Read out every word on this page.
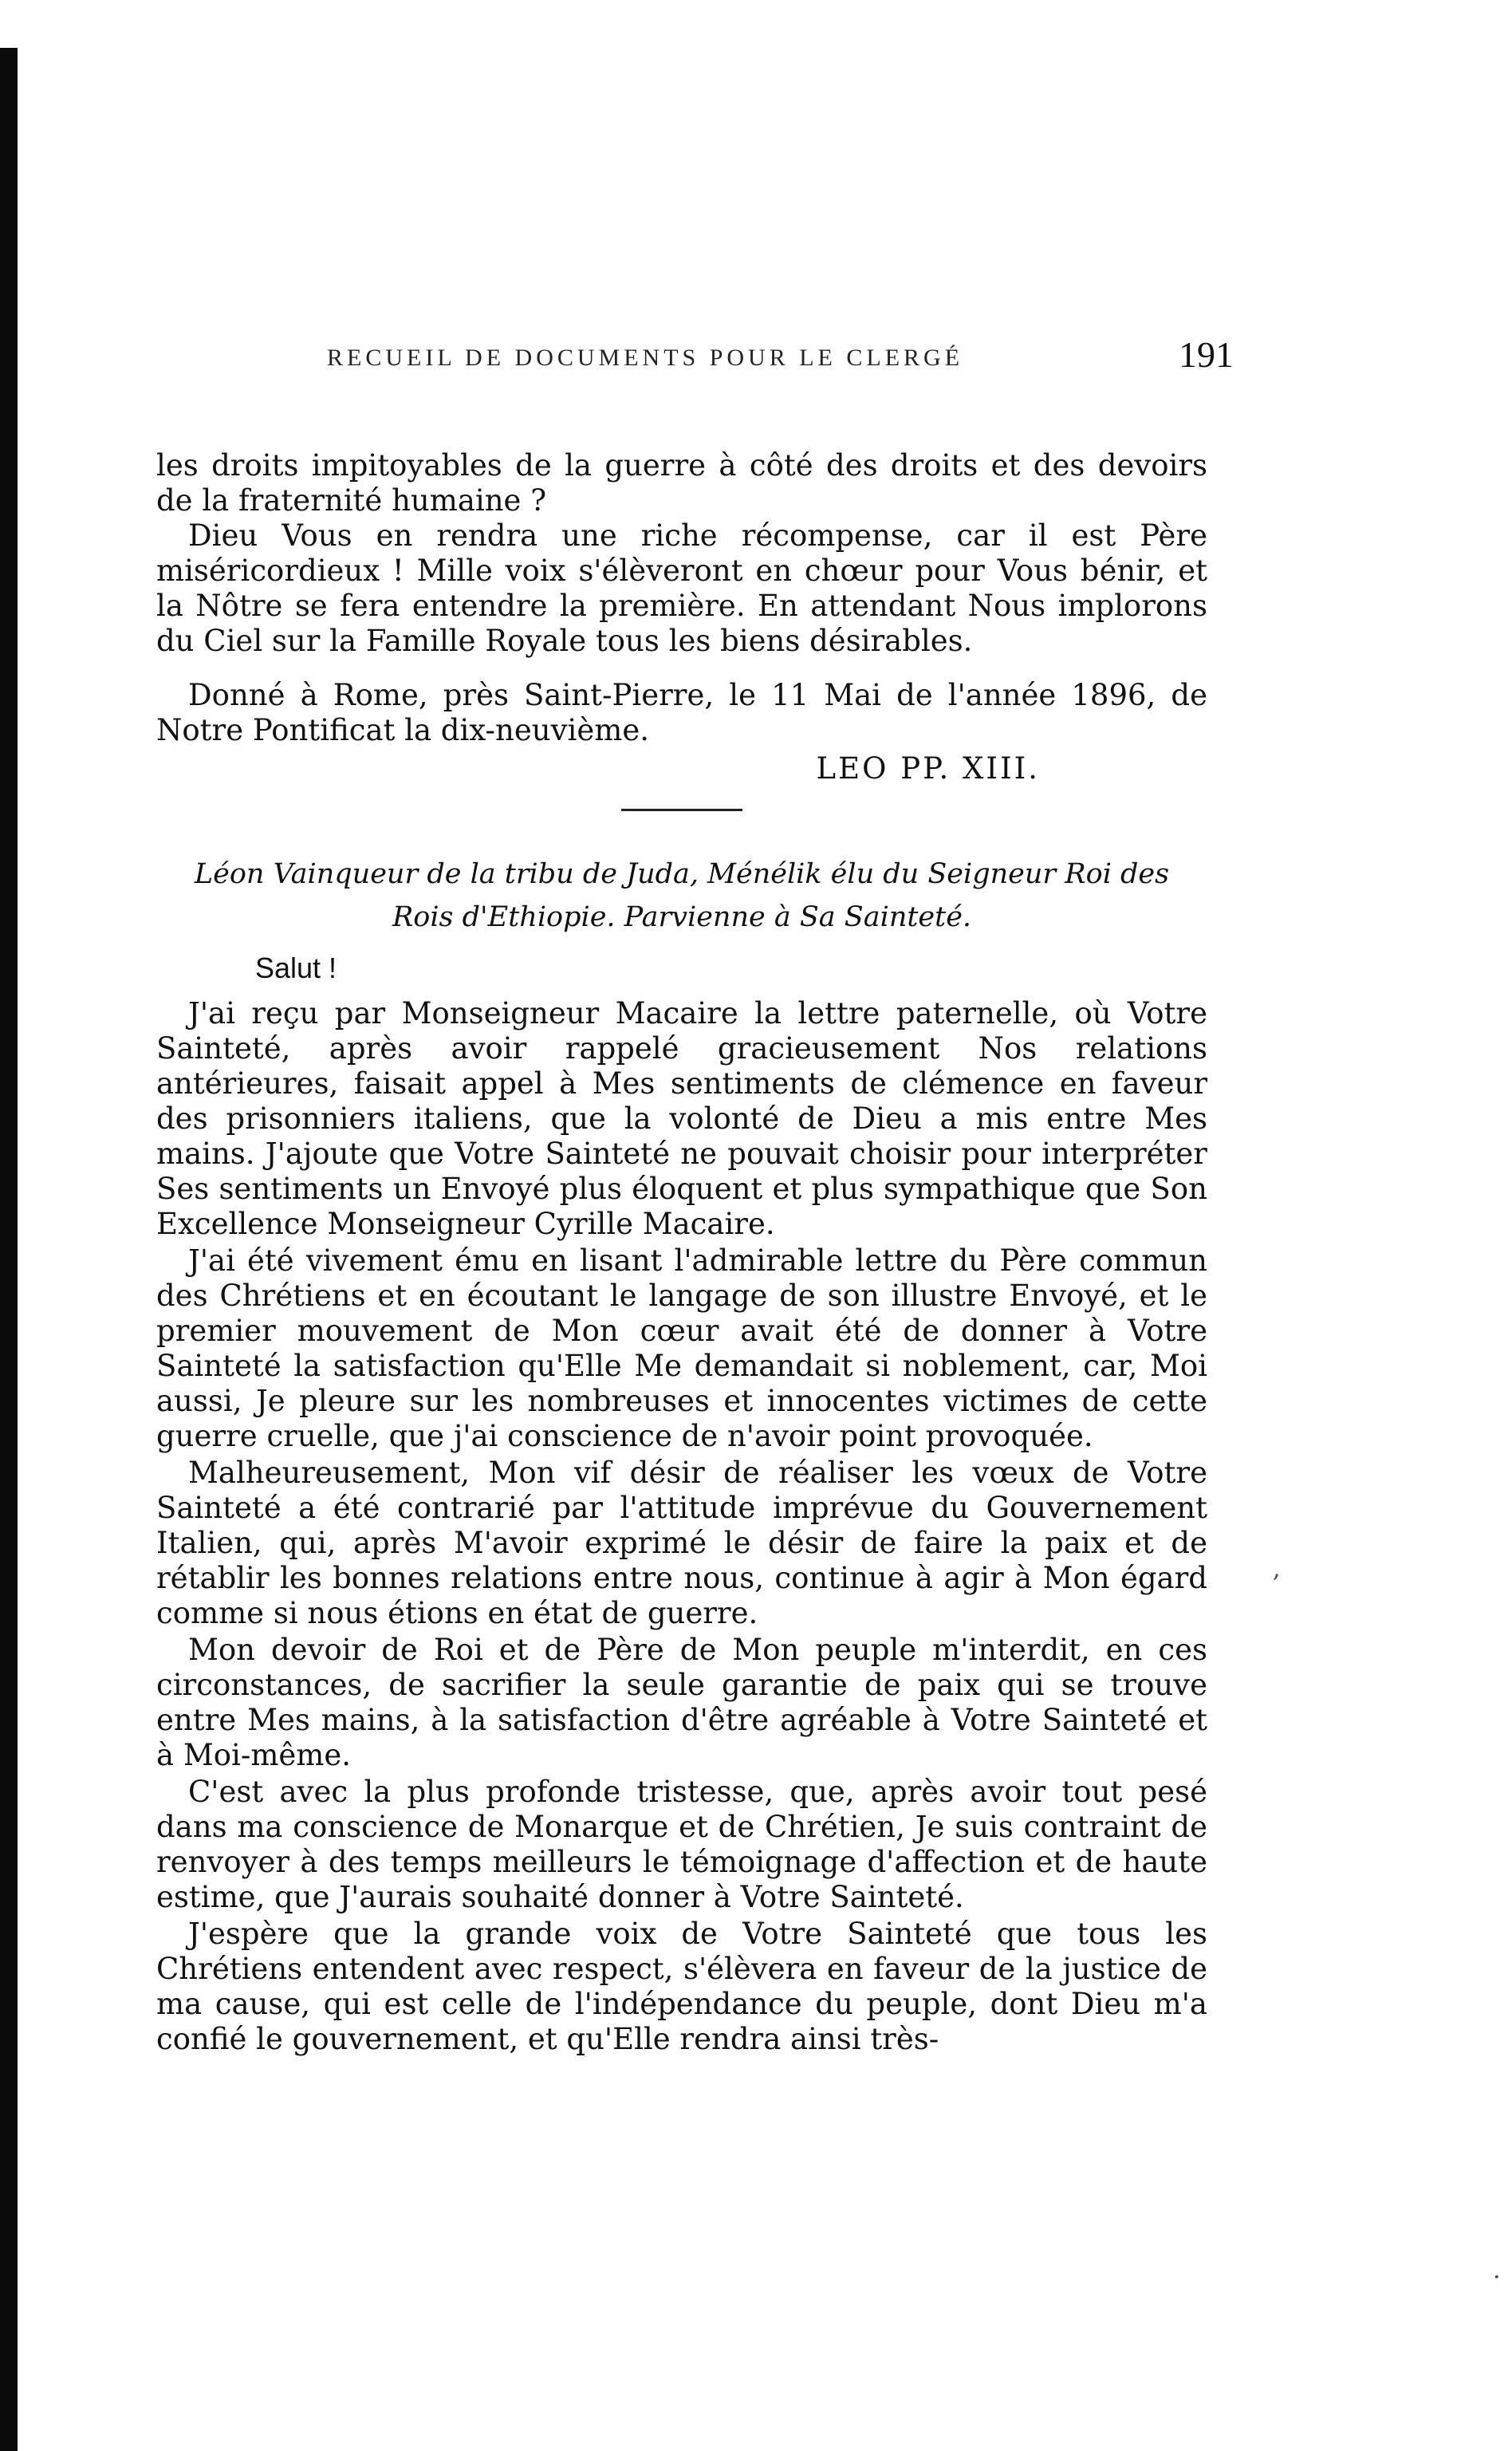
RECUEIL DE DOCUMENTS POUR LE CLERGÉ	191

les droits impitoyables de la guerre à côté des droits et des devoirs de la fraternité humaine ?

Dieu Vous en rendra une riche récompense, car il est Père miséricordieux ! Mille voix s'élèveront en chœur pour Vous bénir, et la Nôtre se fera entendre la première. En attendant Nous implorons du Ciel sur la Famille Royale tous les biens désirables.

Donné à Rome, près Saint-Pierre, le 11 Mai de l'année 1896, de Notre Pontificat la dix-neuvième.

LEO PP. XIII.

Léon Vainqueur de la tribu de Juda, Ménélik élu du Seigneur Roi des Rois d'Ethiopie. Parvienne à Sa Sainteté.

Salut !

J'ai reçu par Monseigneur Macaire la lettre paternelle, où Votre Sainteté, après avoir rappelé gracieusement Nos relations antérieures, faisait appel à Mes sentiments de clémence en faveur des prisonniers italiens, que la volonté de Dieu a mis entre Mes mains. J'ajoute que Votre Sainteté ne pouvait choisir pour interpréter Ses sentiments un Envoyé plus éloquent et plus sympathique que Son Excellence Monseigneur Cyrille Macaire.

J'ai été vivement ému en lisant l'admirable lettre du Père commun des Chrétiens et en écoutant le langage de son illustre Envoyé, et le premier mouvement de Mon cœur avait été de donner à Votre Sainteté la satisfaction qu'Elle Me demandait si noblement, car, Moi aussi, Je pleure sur les nombreuses et innocentes victimes de cette guerre cruelle, que j'ai conscience de n'avoir point provoquée.

Malheureusement, Mon vif désir de réaliser les vœux de Votre Sainteté a été contrarié par l'attitude imprévue du Gouvernement Italien, qui, après M'avoir exprimé le désir de faire la paix et de rétablir les bonnes relations entre nous, continue à agir à Mon égard comme si nous étions en état de guerre.

Mon devoir de Roi et de Père de Mon peuple m'interdit, en ces circonstances, de sacrifier la seule garantie de paix qui se trouve entre Mes mains, à la satisfaction d'être agréable à Votre Sainteté et à Moi-même.

C'est avec la plus profonde tristesse, que, après avoir tout pesé dans ma conscience de Monarque et de Chrétien, Je suis contraint de renvoyer à des temps meilleurs le témoignage d'affection et de haute estime, que J'aurais souhaité donner à Votre Sainteté.

J'espère que la grande voix de Votre Sainteté que tous les Chrétiens entendent avec respect, s'élèvera en faveur de la justice de ma cause, qui est celle de l'indépendance du peuple, dont Dieu m'a confié le gouvernement, et qu'Elle rendra ainsi très-

,
·
